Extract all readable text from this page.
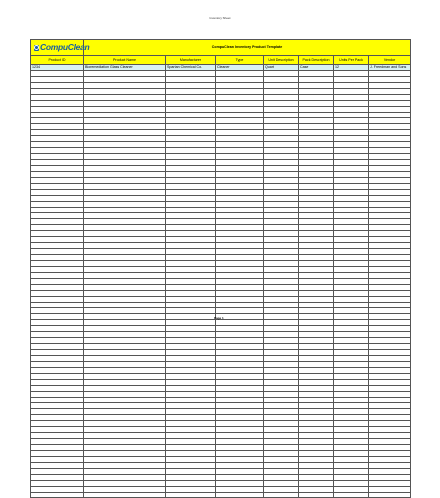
Inventory Sheet
CompuClean	CompuClean Inventory Product Template						
Product ID	Product Name	Manufacturer	Type	Unit Description	Pack Description	Units Per Pack	Vendor
1234	Bioremediation Glass Cleaner	Spartan Chemical Co.	Cleaner	Quart	Case	12	J. Freedman and Sons

Page 1
